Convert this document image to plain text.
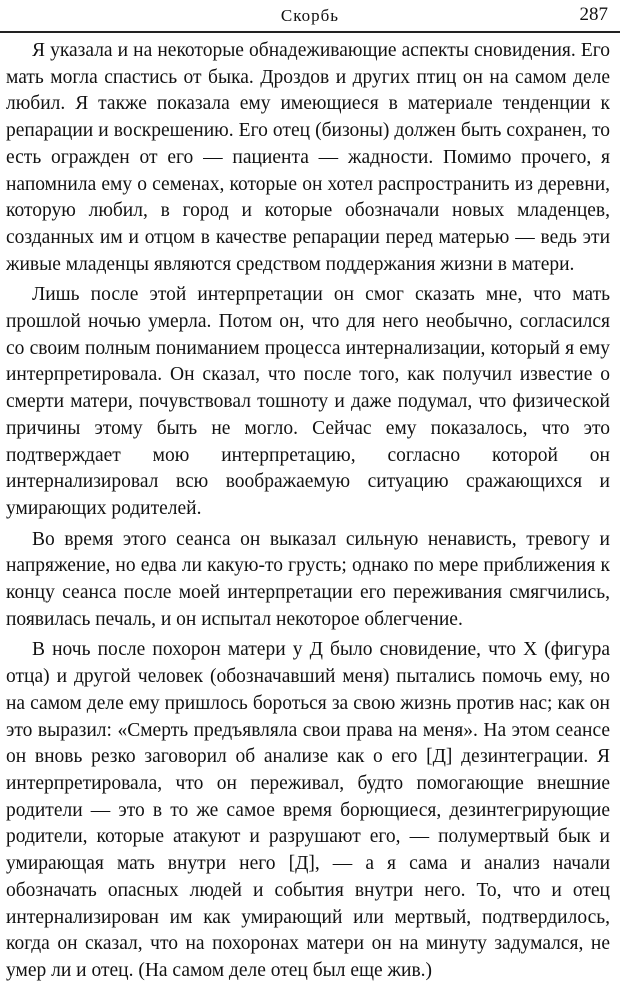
Скорбь	287

Я указала и на некоторые обнадеживающие аспекты сновидения. Его мать могла спастись от быка. Дроздов и других птиц он на самом деле любил. Я также показала ему имеющиеся в материале тенденции к репарации и воскрешению. Его отец (бизоны) должен быть сохранен, то есть огражден от его — пациента — жадности. Помимо прочего, я напомнила ему о семенах, которые он хотел распространить из деревни, которую любил, в город и которые обозначали новых младенцев, созданных им и отцом в качестве репарации перед матерью — ведь эти живые младенцы являются средством поддержания жизни в матери.

Лишь после этой интерпретации он смог сказать мне, что мать прошлой ночью умерла. Потом он, что для него необычно, согласился со своим полным пониманием процесса интернализации, который я ему интерпретировала. Он сказал, что после того, как получил известие о смерти матери, почувствовал тошноту и даже подумал, что физической причины этому быть не могло. Сейчас ему показалось, что это подтверждает мою интерпретацию, согласно которой он интернализировал всю воображаемую ситуацию сражающихся и умирающих родителей.

Во время этого сеанса он выказал сильную ненависть, тревогу и напряжение, но едва ли какую-то грусть; однако по мере приближения к концу сеанса после моей интерпретации его переживания смягчились, появилась печаль, и он испытал некоторое облегчение.

В ночь после похорон матери у Д было сновидение, что Х (фигура отца) и другой человек (обозначавший меня) пытались помочь ему, но на самом деле ему пришлось бороться за свою жизнь против нас; как он это выразил: «Смерть предъявляла свои права на меня». На этом сеансе он вновь резко заговорил об анализе как о его [Д] дезинтеграции. Я интерпретировала, что он переживал, будто помогающие внешние родители — это в то же самое время борющиеся, дезинтегрирующие родители, которые атакуют и разрушают его, — полумертвый бык и умирающая мать внутри него [Д], — а я сама и анализ начали обозначать опасных людей и события внутри него. То, что и отец интернализирован им как умирающий или мертвый, подтвердилось, когда он сказал, что на похоронах матери он на минуту задумался, не умер ли и отец. (На самом деле отец был еще жив.)
